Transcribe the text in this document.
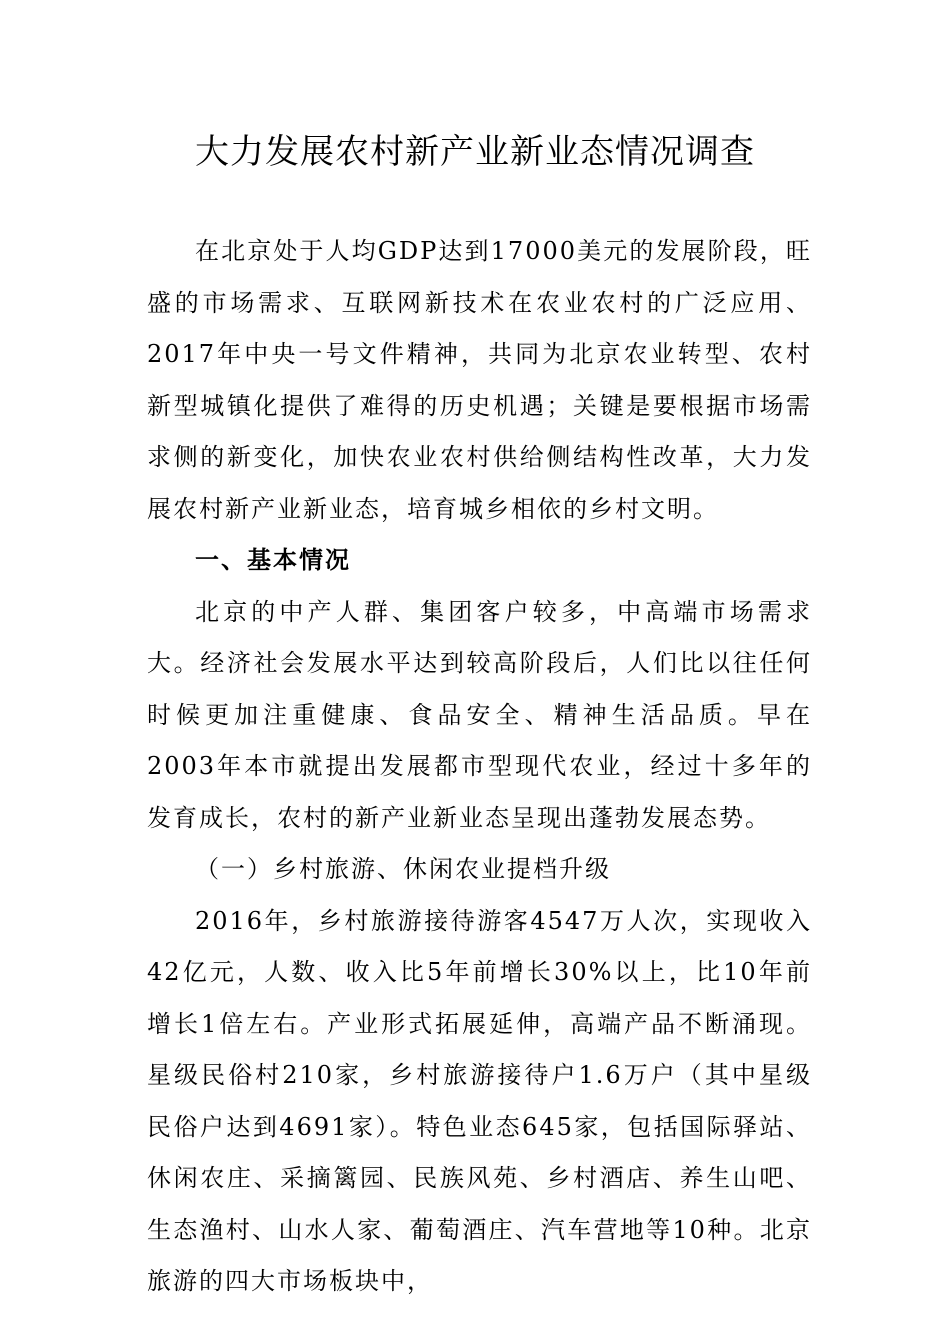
大力发展农村新产业新业态情况调查

在北京处于人均GDP达到17000美元的发展阶段，旺盛的市场需求、互联网新技术在农业农村的广泛应用、2017年中央一号文件精神，共同为北京农业转型、农村新型城镇化提供了难得的历史机遇；关键是要根据市场需求侧的新变化，加快农业农村供给侧结构性改革，大力发展农村新产业新业态，培育城乡相依的乡村文明。

一、基本情况

北京的中产人群、集团客户较多，中高端市场需求大。经济社会发展水平达到较高阶段后，人们比以往任何时候更加注重健康、食品安全、精神生活品质。早在2003年本市就提出发展都市型现代农业，经过十多年的发育成长，农村的新产业新业态呈现出蓬勃发展态势。

（一）乡村旅游、休闲农业提档升级

2016年，乡村旅游接待游客4547万人次，实现收入42亿元，人数、收入比5年前增长30%以上，比10年前增长1倍左右。产业形式拓展延伸，高端产品不断涌现。星级民俗村210家，乡村旅游接待户1.6万户（其中星级民俗户达到4691家）。特色业态645家，包括国际驿站、休闲农庄、采摘篱园、民族风苑、乡村酒店、养生山吧、生态渔村、山水人家、葡萄酒庄、汽车营地等10种。北京旅游的四大市场板块中，
